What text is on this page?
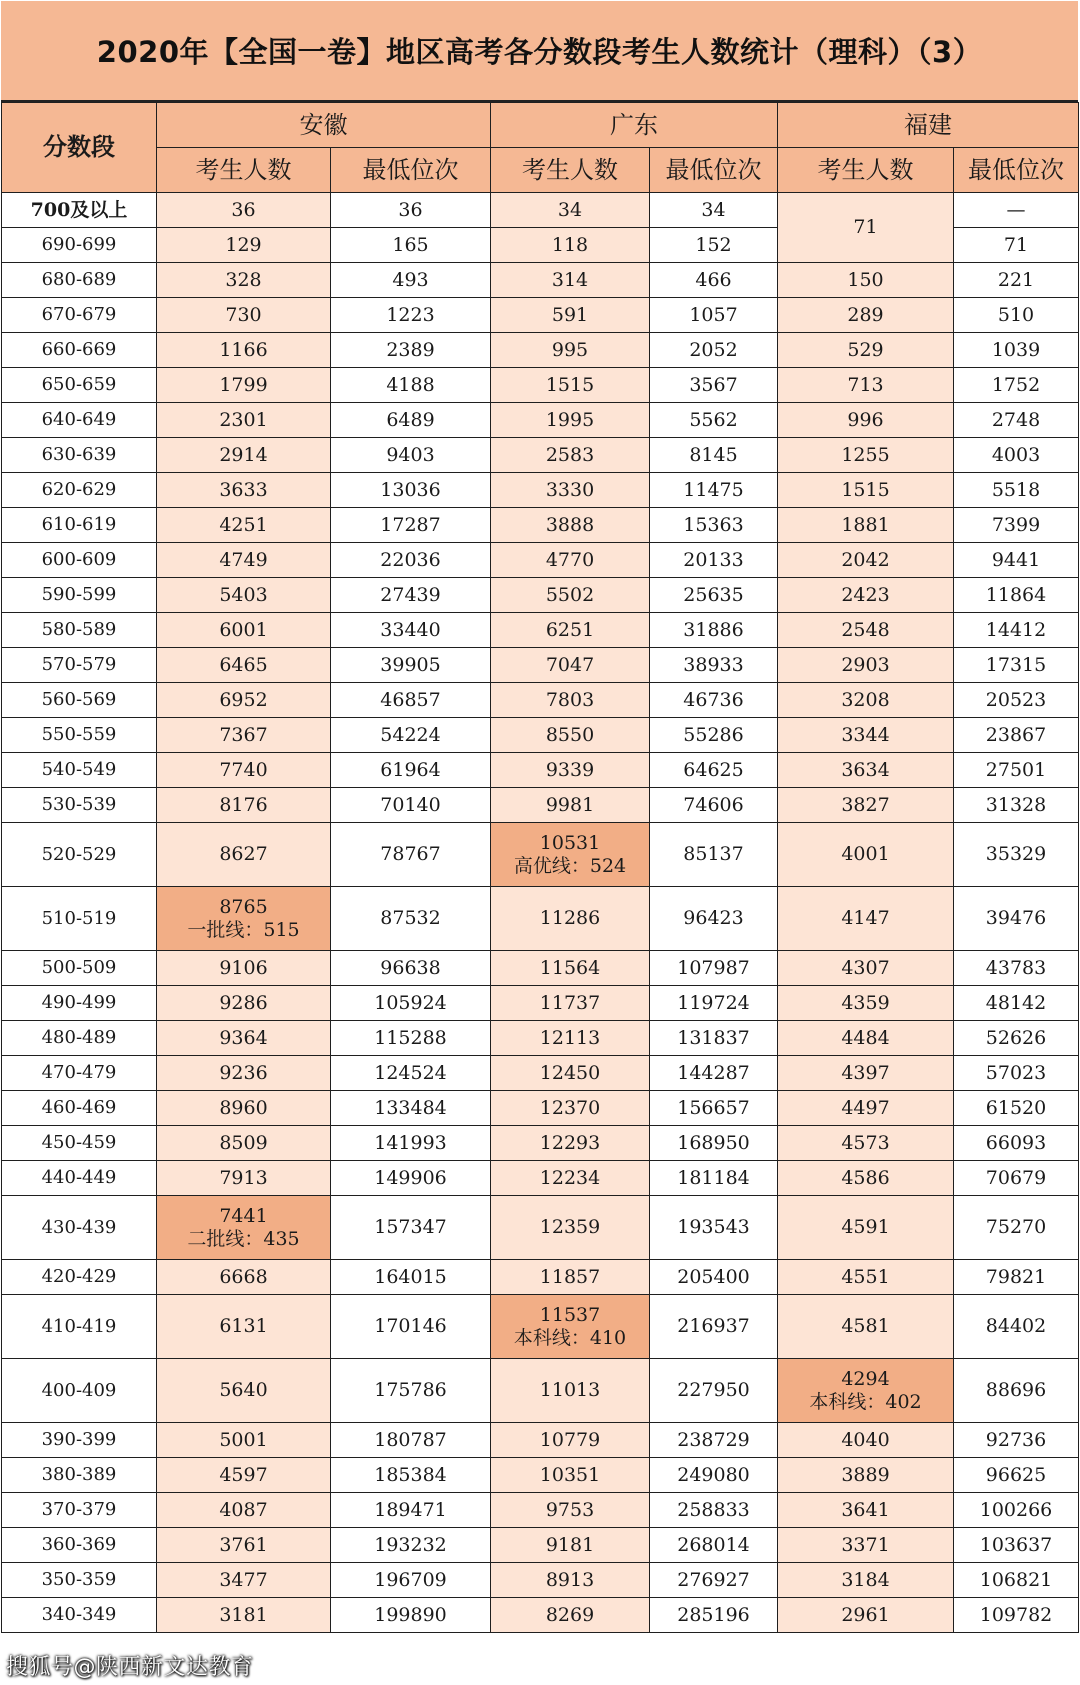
2020年【全国一卷】地区高考各分数段考生人数统计（理科）（3）
分数段	安徽		广东		福建	
	考生人数	最低位次	考生人数	最低位次	考生人数	最低位次

700及以上	36	36	34	34	71	—

690-699	129	165	118	152		71

680-689	328	493	314	466	150	221

670-679	730	1223	591	1057	289	510

660-669	1166	2389	995	2052	529	1039

650-659	1799	4188	1515	3567	713	1752

640-649	2301	6489	1995	5562	996	2748

630-639	2914	9403	2583	8145	1255	4003

620-629	3633	13036	3330	11475	1515	5518

610-619	4251	17287	3888	15363	1881	7399

600-609	4749	22036	4770	20133	2042	9441

590-599	5403	27439	5502	25635	2423	11864

580-589	6001	33440	6251	31886	2548	14412

570-579	6465	39905	7047	38933	2903	17315

560-569	6952	46857	7803	46736	3208	20523

550-559	7367	54224	8550	55286	3344	23867

540-549	7740	61964	9339	64625	3634	27501

530-539	8176	70140	9981	74606	3827	31328

520-529	8627	78767	10531
高优线：524	85137	4001	35329

510-519	8765
一批线：515	87532	11286	96423	4147	39476

500-509	9106	96638	11564	107987	4307	43783

490-499	9286	105924	11737	119724	4359	48142

480-489	9364	115288	12113	131837	4484	52626

470-479	9236	124524	12450	144287	4397	57023

460-469	8960	133484	12370	156657	4497	61520

450-459	8509	141993	12293	168950	4573	66093

440-449	7913	149906	12234	181184	4586	70679

430-439	7441
二批线：435	157347	12359	193543	4591	75270

420-429	6668	164015	11857	205400	4551	79821

410-419	6131	170146	11537
本科线：410	216937	4581	84402

400-409	5640	175786	11013	227950	4294
本科线：402	88696

390-399	5001	180787	10779	238729	4040	92736

380-389	4597	185384	10351	249080	3889	96625

370-379	4087	189471	9753	258833	3641	100266

360-369	3761	193232	9181	268014	3371	103637

350-359	3477	196709	8913	276927	3184	106821

340-349	3181	199890	8269	285196	2961	109782
搜狐号@陕西新文达教育
